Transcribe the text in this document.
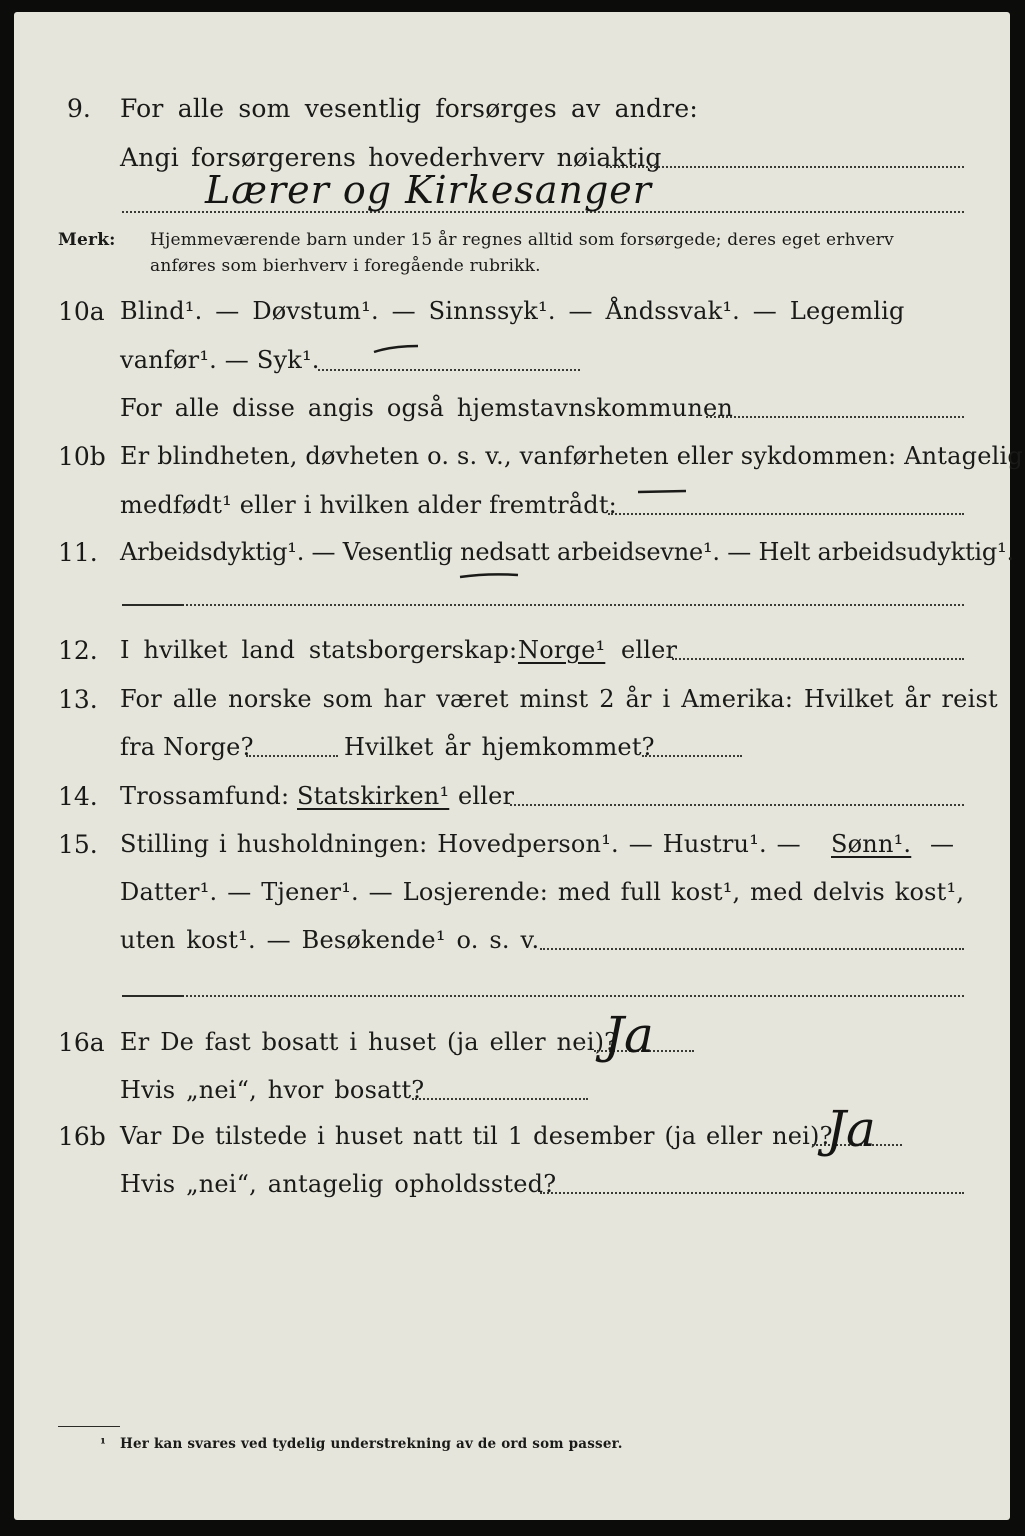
9. For alle som vesentlig forsørges av andre:
Angi forsørgerens hovederhverv nøiaktig
Lærer og Kirkesanger
Merk: Hjemmeværende barn under 15 år regnes alltid som forsørgede; deres eget erhverv
anføres som bierhverv i foregående rubrikk.
10a Blind¹. — Døvstum¹. — Sinnssyk¹. — Åndssvak¹. — Legemlig
vanfør¹. — Syk¹.
For alle disse angis også hjemstavnskommunen
10b Er blindheten, døvheten o. s. v., vanførheten eller sykdommen: Antagelig
medfødt¹ eller i hvilken alder fremtrådt:
11. Arbeidsdyktig¹. — Vesentlig nedsatt arbeidsevne¹. — Helt arbeidsudyktig¹.
12. I hvilket land statsborgerskap: Norge¹ eller
13. For alle norske som har været minst 2 år i Amerika: Hvilket år reist
fra Norge?	Hvilket år hjemkommet?
14. Trossamfund: Statskirken¹ eller
15. Stilling i husholdningen: Hovedperson¹. — Hustru¹. — Sønn¹. —
Datter¹. — Tjener¹. — Losjerende: med full kost¹, med delvis kost¹,
uten kost¹. — Besøkende¹ o. s. v.
16a Er De fast bosatt i huset (ja eller nei)?
Ja
Hvis „nei“, hvor bosatt?
16b Var De tilstede i huset natt til 1 desember (ja eller nei)?
Ja
Hvis „nei“, antagelig opholdssted?
¹ Her kan svares ved tydelig understrekning av de ord som passer.
